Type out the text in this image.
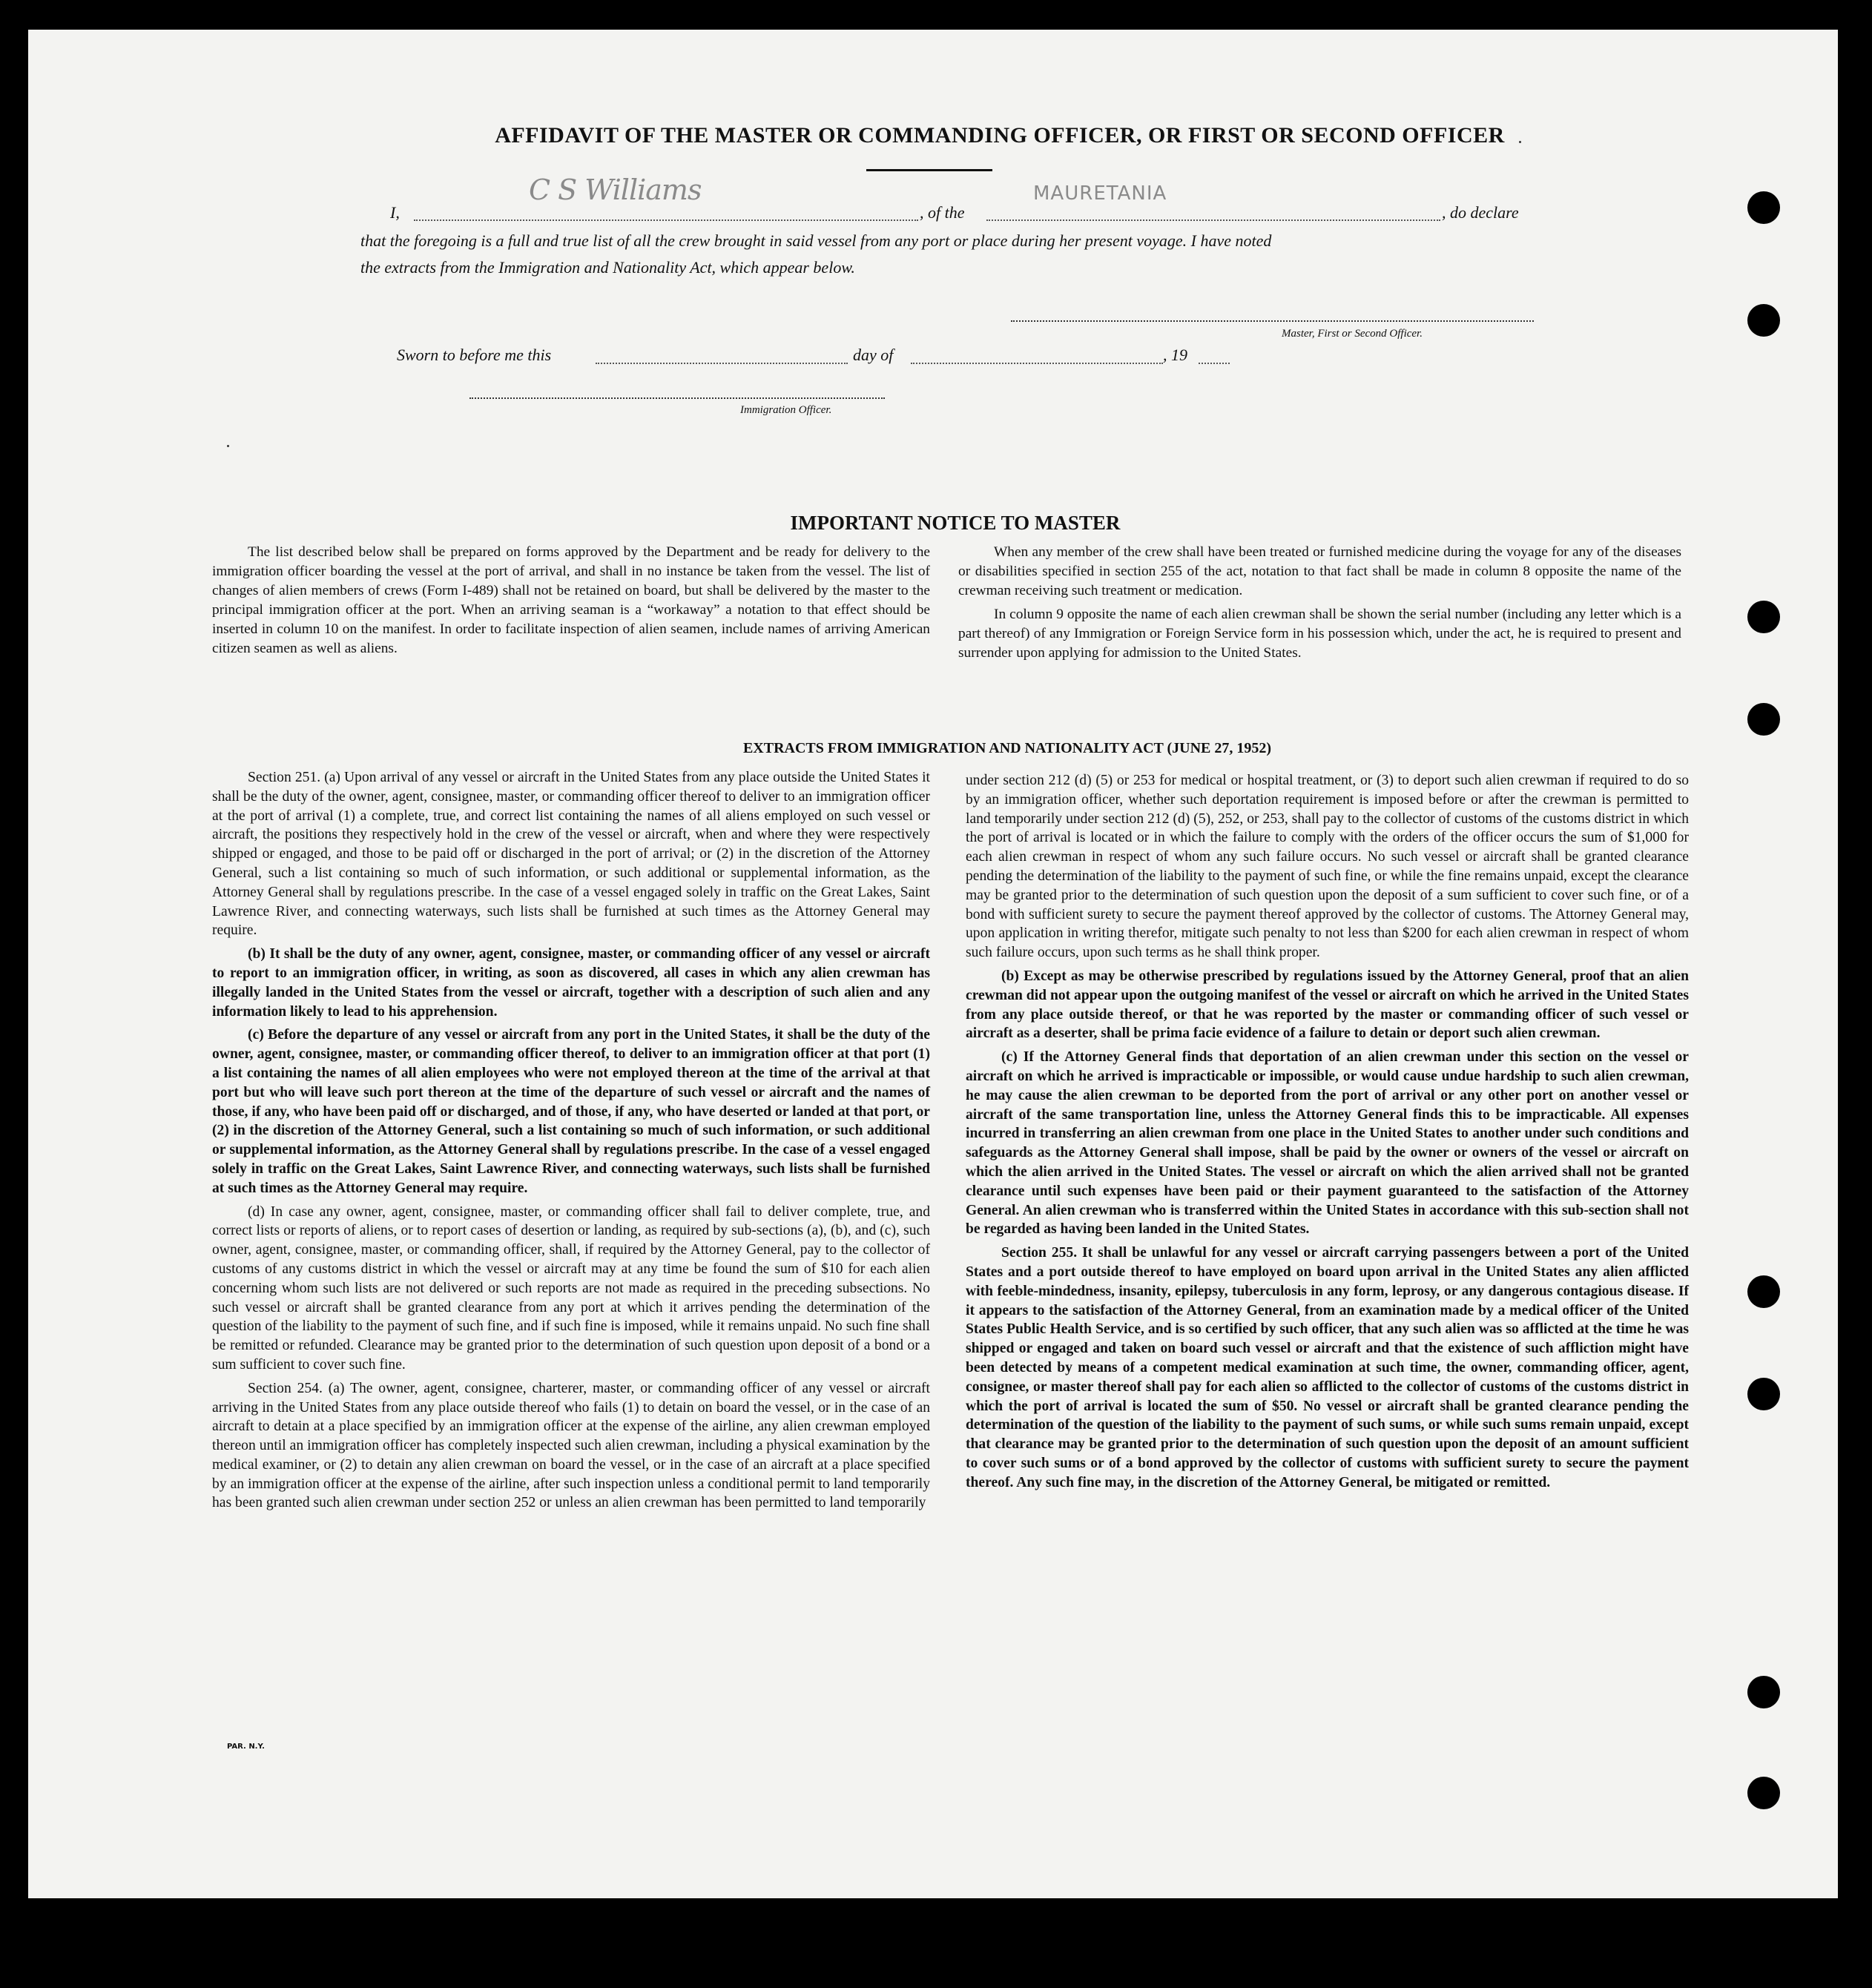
AFFIDAVIT OF THE MASTER OR COMMANDING OFFICER, OR FIRST OR SECOND OFFICER
I,
C S Williams
, of the
MAURETANIA
, do declare
that the foregoing is a full and true list of all the crew brought in said vessel from any port or place during her present voyage. I have noted
the extracts from the Immigration and Nationality Act, which appear below.
Master, First or Second Officer.
Sworn to before me this	day of	, 19
Immigration Officer.
IMPORTANT NOTICE TO MASTER

The list described below shall be prepared on forms approved by the Department and be ready for delivery to the immigration officer boarding the vessel at the port of arrival, and shall in no instance be taken from the vessel. The list of changes of alien members of crews (Form I-489) shall not be retained on board, but shall be delivered by the master to the principal immigration officer at the port. When an arriving seaman is a “workaway” a notation to that effect should be inserted in column 10 on the manifest. In order to facilitate inspection of alien seamen, include names of arriving American citizen seamen as well as aliens.

When any member of the crew shall have been treated or furnished medicine during the voyage for any of the diseases or disabilities specified in section 255 of the act, notation to that fact shall be made in column 8 opposite the name of the crewman receiving such treatment or medication.

In column 9 opposite the name of each alien crewman shall be shown the serial number (including any letter which is a part thereof) of any Immigration or Foreign Service form in his possession which, under the act, he is required to present and surrender upon applying for admission to the United States.

EXTRACTS FROM IMMIGRATION AND NATIONALITY ACT (JUNE 27, 1952)

Section 251. (a) Upon arrival of any vessel or aircraft in the United States from any place outside the United States it shall be the duty of the owner, agent, consignee, master, or commanding officer thereof to deliver to an immigration officer at the port of arrival (1) a complete, true, and correct list containing the names of all aliens employed on such vessel or aircraft, the positions they respectively hold in the crew of the vessel or aircraft, when and where they were respectively shipped or engaged, and those to be paid off or discharged in the port of arrival; or (2) in the discretion of the Attorney General, such a list containing so much of such information, or such additional or supplemental information, as the Attorney General shall by regulations prescribe. In the case of a vessel engaged solely in traffic on the Great Lakes, Saint Lawrence River, and connecting waterways, such lists shall be furnished at such times as the Attorney General may require.

(b) It shall be the duty of any owner, agent, consignee, master, or commanding officer of any vessel or aircraft to report to an immigration officer, in writing, as soon as discovered, all cases in which any alien crewman has illegally landed in the United States from the vessel or aircraft, together with a description of such alien and any information likely to lead to his apprehension.

(c) Before the departure of any vessel or aircraft from any port in the United States, it shall be the duty of the owner, agent, consignee, master, or commanding officer thereof, to deliver to an immigration officer at that port (1) a list containing the names of all alien employees who were not employed thereon at the time of the arrival at that port but who will leave such port thereon at the time of the departure of such vessel or aircraft and the names of those, if any, who have been paid off or discharged, and of those, if any, who have deserted or landed at that port, or (2) in the discretion of the Attorney General, such a list containing so much of such information, or such additional or supplemental information, as the Attorney General shall by regulations prescribe. In the case of a vessel engaged solely in traffic on the Great Lakes, Saint Lawrence River, and connecting waterways, such lists shall be furnished at such times as the Attorney General may require.

(d) In case any owner, agent, consignee, master, or commanding officer shall fail to deliver complete, true, and correct lists or reports of aliens, or to report cases of desertion or landing, as required by sub-sections (a), (b), and (c), such owner, agent, consignee, master, or commanding officer, shall, if required by the Attorney General, pay to the collector of customs of any customs district in which the vessel or aircraft may at any time be found the sum of $10 for each alien concerning whom such lists are not delivered or such reports are not made as required in the preceding subsections. No such vessel or aircraft shall be granted clearance from any port at which it arrives pending the determination of the question of the liability to the payment of such fine, and if such fine is imposed, while it remains unpaid. No such fine shall be remitted or refunded. Clearance may be granted prior to the determination of such question upon deposit of a bond or a sum sufficient to cover such fine.

Section 254. (a) The owner, agent, consignee, charterer, master, or commanding officer of any vessel or aircraft arriving in the United States from any place outside thereof who fails (1) to detain on board the vessel, or in the case of an aircraft to detain at a place specified by an immigration officer at the expense of the airline, any alien crewman employed thereon until an immigration officer has completely inspected such alien crewman, including a physical examination by the medical examiner, or (2) to detain any alien crewman on board the vessel, or in the case of an aircraft at a place specified by an immigration officer at the expense of the airline, after such inspection unless a conditional permit to land temporarily has been granted such alien crewman under section 252 or unless an alien crewman has been permitted to land temporarily

under section 212 (d) (5) or 253 for medical or hospital treatment, or (3) to deport such alien crewman if required to do so by an immigration officer, whether such deportation requirement is imposed before or after the crewman is permitted to land temporarily under section 212 (d) (5), 252, or 253, shall pay to the collector of customs of the customs district in which the port of arrival is located or in which the failure to comply with the orders of the officer occurs the sum of $1,000 for each alien crewman in respect of whom any such failure occurs. No such vessel or aircraft shall be granted clearance pending the determination of the liability to the payment of such fine, or while the fine remains unpaid, except the clearance may be granted prior to the determination of such question upon the deposit of a sum sufficient to cover such fine, or of a bond with sufficient surety to secure the payment thereof approved by the collector of customs. The Attorney General may, upon application in writing therefor, mitigate such penalty to not less than $200 for each alien crewman in respect of whom such failure occurs, upon such terms as he shall think proper.

(b) Except as may be otherwise prescribed by regulations issued by the Attorney General, proof that an alien crewman did not appear upon the outgoing manifest of the vessel or aircraft on which he arrived in the United States from any place outside thereof, or that he was reported by the master or commanding officer of such vessel or aircraft as a deserter, shall be prima facie evidence of a failure to detain or deport such alien crewman.

(c) If the Attorney General finds that deportation of an alien crewman under this section on the vessel or aircraft on which he arrived is impracticable or impossible, or would cause undue hardship to such alien crewman, he may cause the alien crewman to be deported from the port of arrival or any other port on another vessel or aircraft of the same transportation line, unless the Attorney General finds this to be impracticable. All expenses incurred in transferring an alien crewman from one place in the United States to another under such conditions and safeguards as the Attorney General shall impose, shall be paid by the owner or owners of the vessel or aircraft on which the alien arrived in the United States. The vessel or aircraft on which the alien arrived shall not be granted clearance until such expenses have been paid or their payment guaranteed to the satisfaction of the Attorney General. An alien crewman who is transferred within the United States in accordance with this sub-section shall not be regarded as having been landed in the United States.

Section 255. It shall be unlawful for any vessel or aircraft carrying passengers between a port of the United States and a port outside thereof to have employed on board upon arrival in the United States any alien afflicted with feeble-mindedness, insanity, epilepsy, tuberculosis in any form, leprosy, or any dangerous contagious disease. If it appears to the satisfaction of the Attorney General, from an examination made by a medical officer of the United States Public Health Service, and is so certified by such officer, that any such alien was so afflicted at the time he was shipped or engaged and taken on board such vessel or aircraft and that the existence of such affliction might have been detected by means of a competent medical examination at such time, the owner, commanding officer, agent, consignee, or master thereof shall pay for each alien so afflicted to the collector of customs of the customs district in which the port of arrival is located the sum of $50. No vessel or aircraft shall be granted clearance pending the determination of the question of the liability to the payment of such sums, or while such sums remain unpaid, except that clearance may be granted prior to the determination of such question upon the deposit of an amount sufficient to cover such sums or of a bond approved by the collector of customs with sufficient surety to secure the payment thereof. Any such fine may, in the discretion of the Attorney General, be mitigated or remitted.

PAR. N.Y.
